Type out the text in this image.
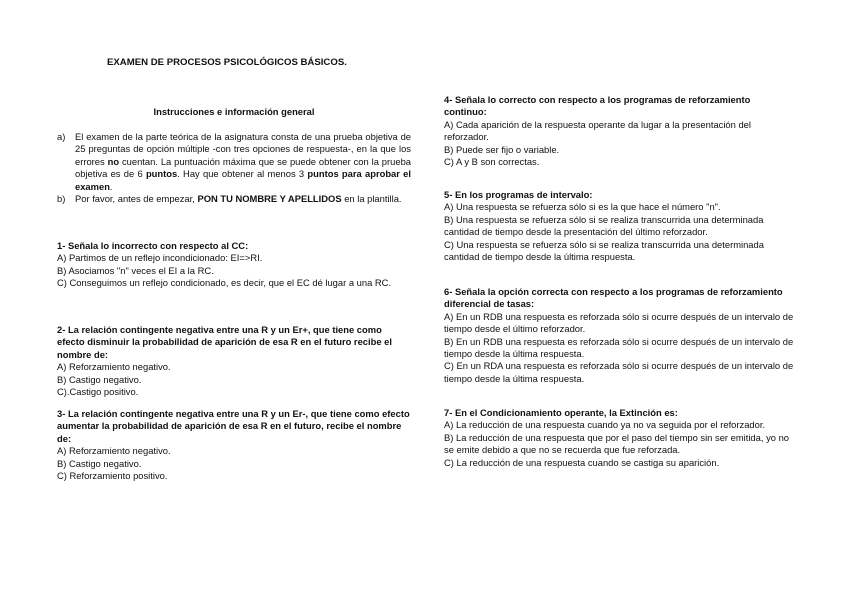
EXAMEN DE PROCESOS PSICOLÓGICOS BÁSICOS.
Instrucciones e información general
a)	El examen de la parte teórica de la asignatura consta de una prueba objetiva de 25 preguntas de opción múltiple -con tres opciones de respuesta-, en la que los errores no cuentan. La puntuación máxima que se puede obtener con la prueba objetiva es de 6 puntos. Hay que obtener al menos 3 puntos para aprobar el examen.
b)	Por favor, antes de empezar, PON TU NOMBRE Y APELLIDOS en la plantilla.
1- Señala lo incorrecto con respecto al CC:
A) Partimos de un reflejo incondicionado: EI=>RI.
B) Asociamos "n" veces el EI a la RC.
C) Conseguimos un reflejo condicionado, es decir, que el EC dé lugar a una RC.
2- La relación contingente negativa entre una R y un Er+, que tiene como efecto disminuir la probabilidad de aparición de esa R en el futuro recibe el nombre de:
A) Reforzamiento negativo.
B) Castigo negativo.
C).Castigo positivo.
3- La relación contingente negativa entre una R y un Er-, que tiene como efecto aumentar la probabilidad de aparición de esa R en el futuro, recibe el nombre de:
A) Reforzamiento negativo.
B) Castigo negativo.
C) Reforzamiento positivo.
4- Señala lo correcto con respecto a los programas de reforzamiento continuo:
A) Cada aparición de la respuesta operante da lugar a la presentación del reforzador.
B) Puede ser fijo o variable.
C) A y B son correctas.
5- En los programas de intervalo:
A) Una respuesta se refuerza sólo si es la que hace el número "n".
B) Una respuesta se refuerza sólo si se realiza transcurrida una determinada cantidad de tiempo desde la presentación del último reforzador.
C) Una respuesta se refuerza sólo si se realiza transcurrida una determinada cantidad de tiempo desde la última respuesta.
6- Señala la opción correcta con respecto a los programas de reforzamiento diferencial de tasas:
A) En un RDB una respuesta es reforzada sólo si ocurre después de un intervalo de tiempo desde el último reforzador.
B) En un RDB una respuesta es reforzada sólo si ocurre después de un intervalo de tiempo desde la última respuesta.
C) En un RDA una respuesta es reforzada sólo si ocurre después de un intervalo de tiempo desde la última respuesta.
7- En el Condicionamiento operante, la Extinción es:
A) La reducción de una respuesta cuando ya no va seguida por el reforzador.
B) La reducción de una respuesta que por el paso del tiempo sin ser emitida, yo no se emite debido a que no se recuerda que fue reforzada.
C) La reducción de una respuesta cuando se castiga su aparición.
